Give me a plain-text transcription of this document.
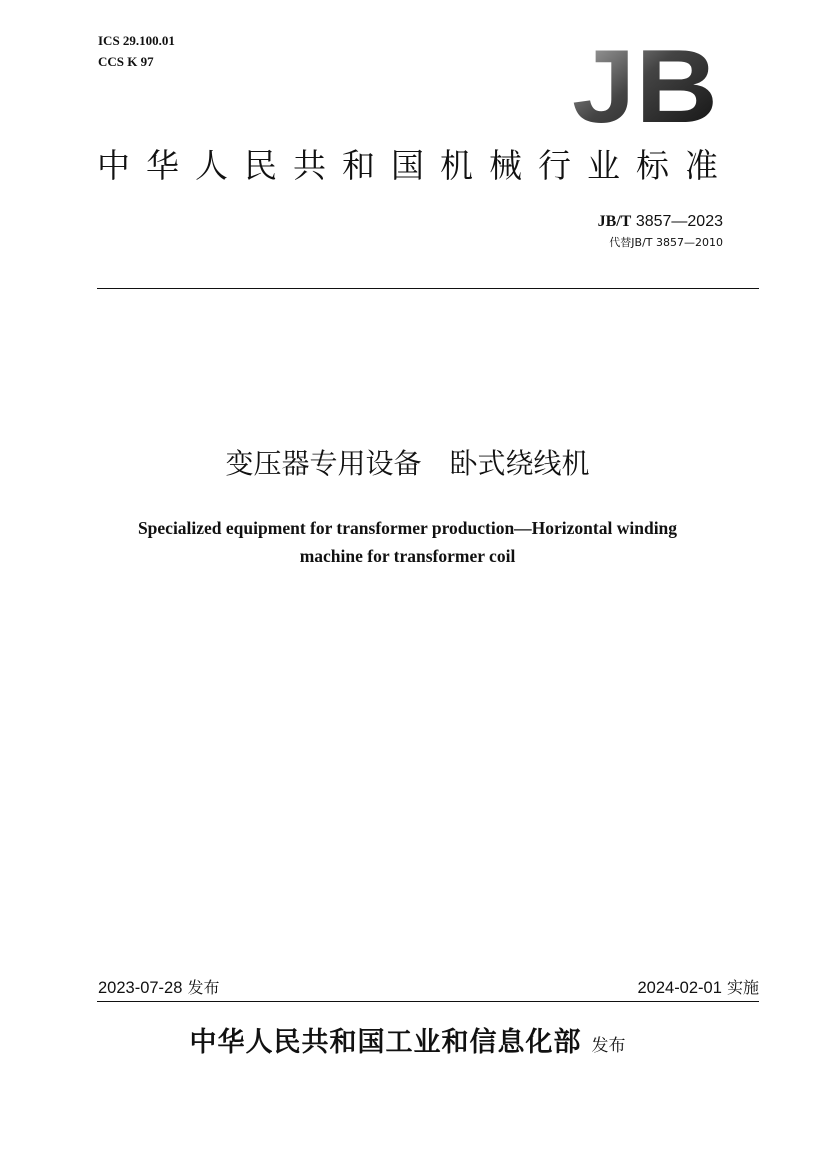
ICS 29.100.01
CCS K 97	JB
中华人民共和国机械行业标准
JB/T 3857—2023
代替JB/T 3857—2010
变压器专用设备　卧式绕线机
Specialized equipment for transformer production—Horizontal winding
machine for transformer coil
2023-07-28 发布	2024-02-01 实施
中华人民共和国工业和信息化部 发布
